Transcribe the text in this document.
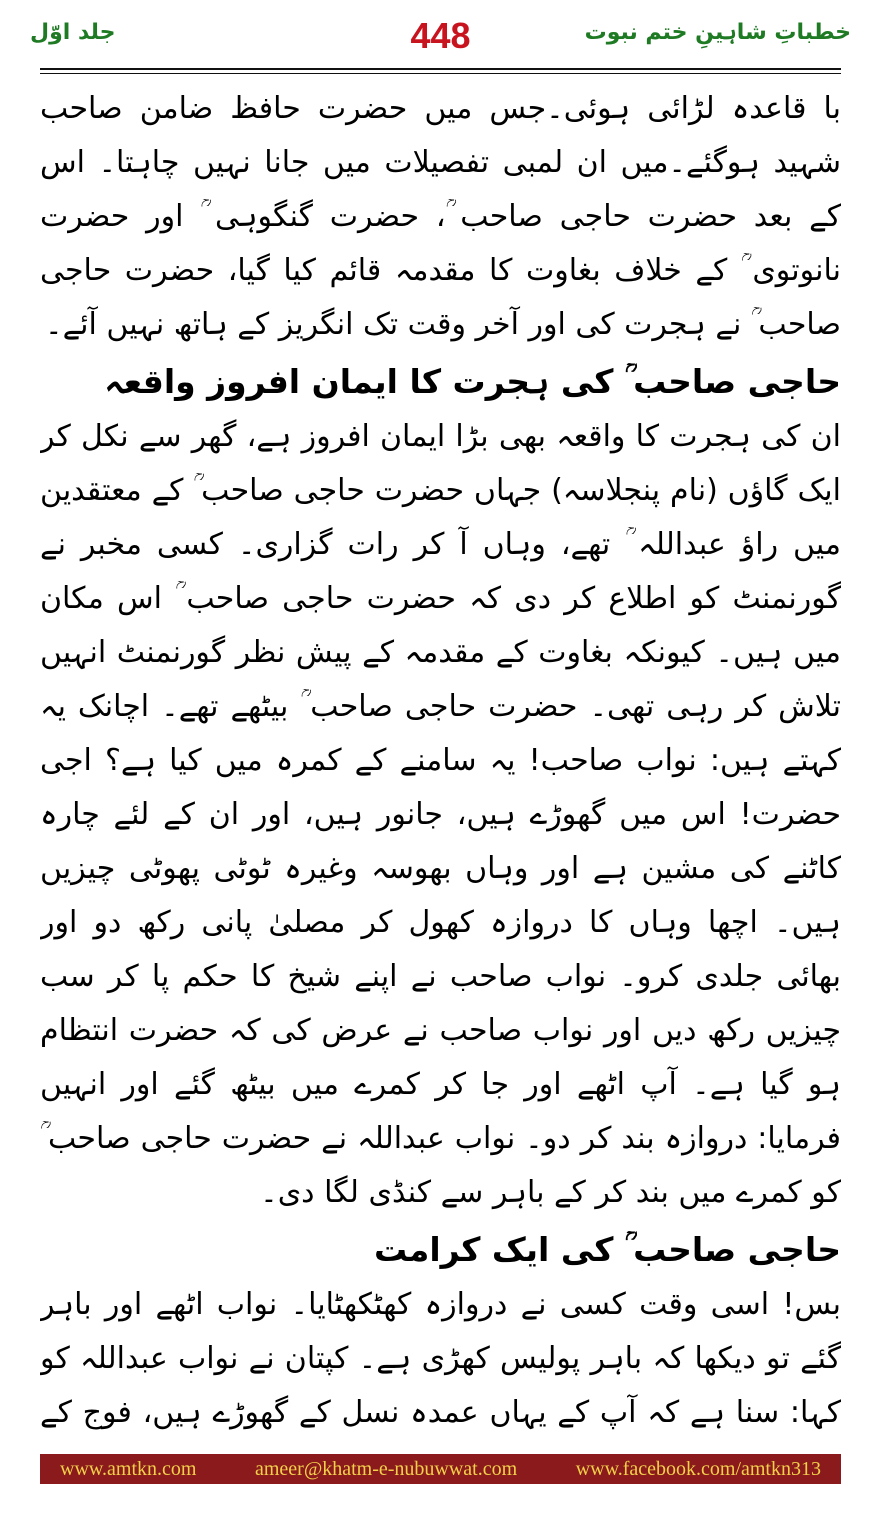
جلد اوّل	448	خطباتِ شاہینِ ختم نبوت

با قاعدہ لڑائی ہوئی۔جس میں حضرت حافظ ضامن صاحب شہید ہوگئے۔میں ان لمبی تفصیلات میں جانا نہیں چاہتا۔ اس کے بعد حضرت حاجی صاحب ؒ، حضرت گنگوہی ؒ اور حضرت نانوتوی ؒ کے خلاف بغاوت کا مقدمہ قائم کیا گیا، حضرت حاجی صاحب ؒ نے ہجرت کی اور آخر وقت تک انگریز کے ہاتھ نہیں آئے۔

حاجی صاحب ؒ کی ہجرت کا ایمان افروز واقعہ

ان کی ہجرت کا واقعہ بھی بڑا ایمان افروز ہے، گھر سے نکل کر ایک گاؤں (نام پنجلاسہ) جہاں حضرت حاجی صاحب ؒ کے معتقدین میں راؤ عبداللہ ؒ تھے، وہاں آ کر رات گزاری۔ کسی مخبر نے گورنمنٹ کو اطلاع کر دی کہ حضرت حاجی صاحب ؒ اس مکان میں ہیں۔ کیونکہ بغاوت کے مقدمہ کے پیش نظر گورنمنٹ انہیں تلاش کر رہی تھی۔ حضرت حاجی صاحب ؒ بیٹھے تھے۔ اچانک یہ کہتے ہیں: نواب صاحب! یہ سامنے کے کمرہ میں کیا ہے؟ اجی حضرت! اس میں گھوڑے ہیں، جانور ہیں، اور ان کے لئے چارہ کاٹنے کی مشین ہے اور وہاں بھوسہ وغیرہ ٹوٹی پھوٹی چیزیں ہیں۔ اچھا وہاں کا دروازہ کھول کر مصلیٰ پانی رکھ دو اور بھائی جلدی کرو۔ نواب صاحب نے اپنے شیخ کا حکم پا کر سب چیزیں رکھ دیں اور نواب صاحب نے عرض کی کہ حضرت انتظام ہو گیا ہے۔ آپ اٹھے اور جا کر کمرے میں بیٹھ گئے اور انہیں فرمایا: دروازہ بند کر دو۔ نواب عبداللہ نے حضرت حاجی صاحب ؒ کو کمرے میں بند کر کے باہر سے کنڈی لگا دی۔

حاجی صاحب ؒ کی ایک کرامت

بس! اسی وقت کسی نے دروازہ کھٹکھٹایا۔ نواب اٹھے اور باہر گئے تو دیکھا کہ باہر پولیس کھڑی ہے۔ کپتان نے نواب عبداللہ کو کہا: سنا ہے کہ آپ کے یہاں عمدہ نسل کے گھوڑے ہیں، فوج کے

www.amtkn.com	ameer@khatm-e-nubuwwat.com	www.facebook.com/amtkn313
